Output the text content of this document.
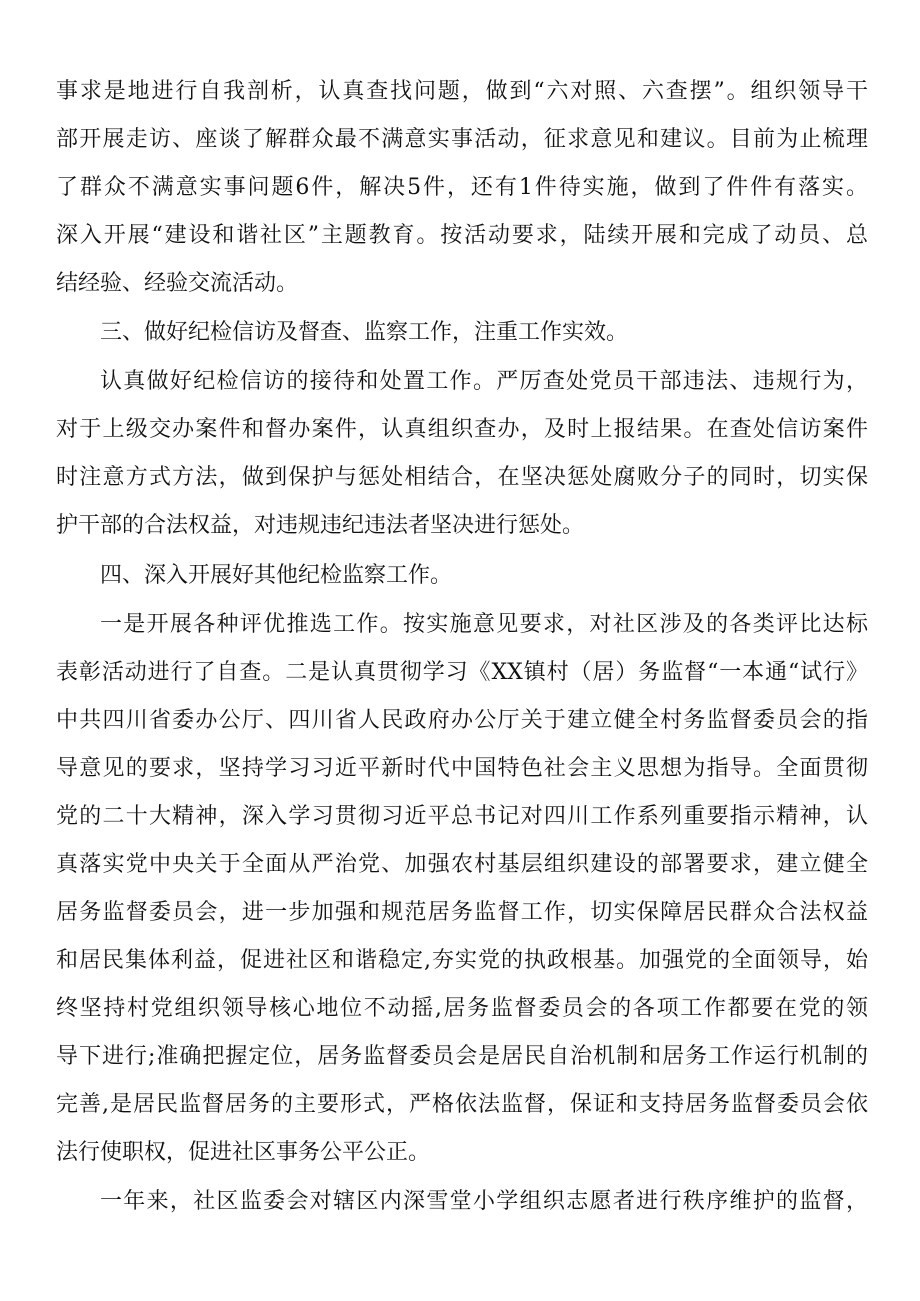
事求是地进行自我剖析，认真查找问题，做到“六对照、六查摆”。组织领导干
部开展走访、座谈了解群众最不满意实事活动，征求意见和建议。目前为止梳理
了群众不满意实事问题6件，解决5件，还有1件待实施，做到了件件有落实。
深入开展“建设和谐社区”主题教育。按活动要求，陆续开展和完成了动员、总
结经验、经验交流活动。
三、做好纪检信访及督查、监察工作，注重工作实效。
认真做好纪检信访的接待和处置工作。严厉查处党员干部违法、违规行为，
对于上级交办案件和督办案件，认真组织查办，及时上报结果。在查处信访案件
时注意方式方法，做到保护与惩处相结合，在坚决惩处腐败分子的同时，切实保
护干部的合法权益，对违规违纪违法者坚决进行惩处。
四、深入开展好其他纪检监察工作。
一是开展各种评优推选工作。按实施意见要求，对社区涉及的各类评比达标
表彰活动进行了自查。二是认真贯彻学习《XX镇村（居）务监督“一本通“试行》
中共四川省委办公厅、四川省人民政府办公厅关于建立健全村务监督委员会的指
导意见的要求，坚持学习习近平新时代中国特色社会主义思想为指导。全面贯彻
党的二十大精神，深入学习贯彻习近平总书记对四川工作系列重要指示精神，认
真落实党中央关于全面从严治党、加强农村基层组织建设的部署要求，建立健全
居务监督委员会，进一步加强和规范居务监督工作，切实保障居民群众合法权益
和居民集体利益，促进社区和谐稳定,夯实党的执政根基。加强党的全面领导，始
终坚持村党组织领导核心地位不动摇,居务监督委员会的各项工作都要在党的领
导下进行;准确把握定位，居务监督委员会是居民自治机制和居务工作运行机制的
完善,是居民监督居务的主要形式，严格依法监督，保证和支持居务监督委员会依
法行使职权，促进社区事务公平公正。
一年来，社区监委会对辖区内深雪堂小学组织志愿者进行秩序维护的监督，
